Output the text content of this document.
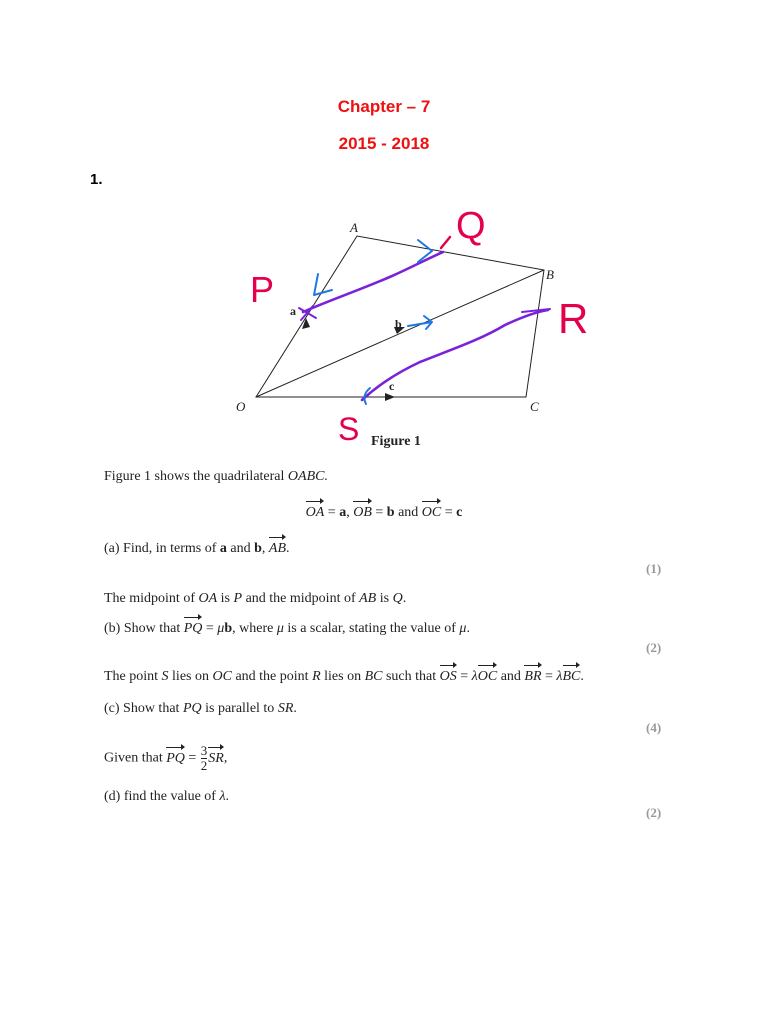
Chapter – 7
2015 - 2018
1.
O
A
B
C
a
b
c
Figure 1
P
Q
R
S
Figure 1 shows the quadrilateral OABC.
OA = a, OB = b and OC = c
(a) Find, in terms of a and b, AB.
(1)
The midpoint of OA is P and the midpoint of AB is Q.
(b) Show that PQ = μb, where μ is a scalar, stating the value of μ.
(2)
The point S lies on OC and the point R lies on BC such that OS = λOC and BR = λBC.
(c) Show that PQ is parallel to SR.
(4)
Given that PQ = $\frac{3}{2}$ SR,
(d) find the value of λ.
(2)
